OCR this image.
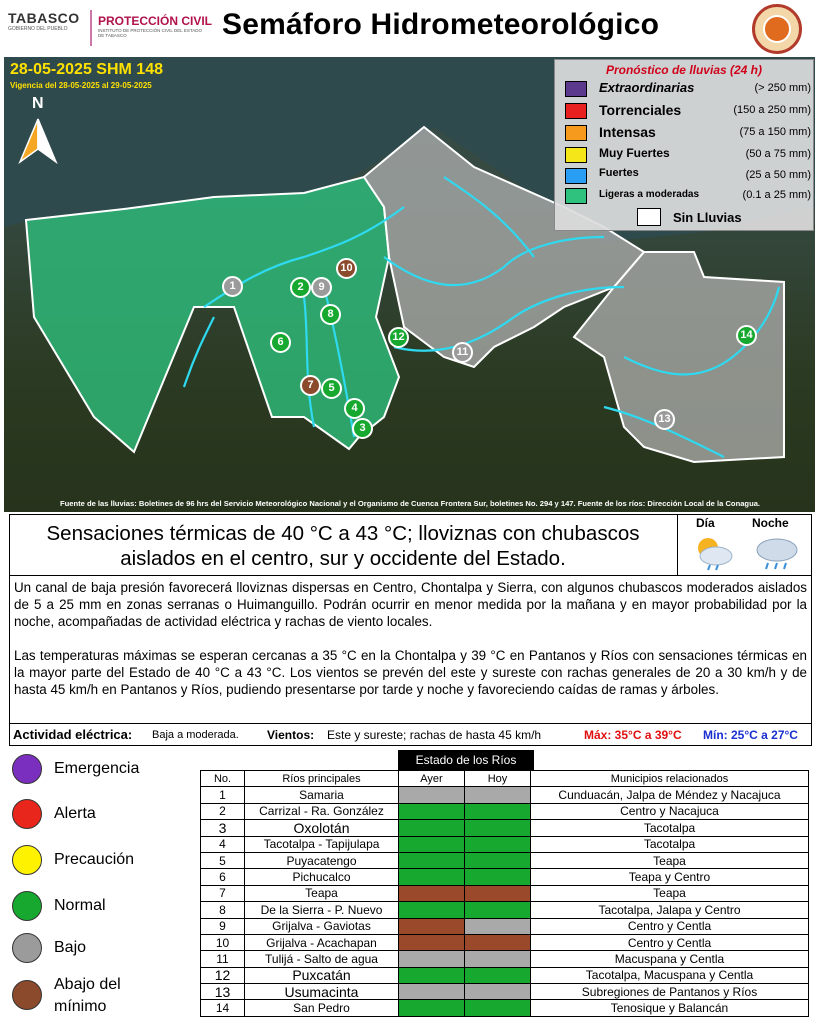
TABASCO
GOBIERNO DEL PUEBLO
PROTECCIÓN CIVIL
INSTITUTO DE PROTECCIÓN CIVIL DEL ESTADO DE TABASCO	Semáforo Hidrometeorológico
28-05-2025 SHM 148
Vigencia del 28-05-2025 al 29-05-2025
N
1	2
3
4
5
6
7
8
9
10
11
12
13
14
Pronóstico de lluvias (24 h)
Extraordinarias	(> 250 mm)
Torrenciales	(150 a 250 mm)
Intensas	(75 a 150 mm)
Muy Fuertes	(50 a 75 mm)
Fuertes	(25 a 50 mm)
Ligeras a moderadas	(0.1 a 25 mm)
Sin Lluvias
Fuente de las lluvias: Boletines de 96 hrs del Servicio Meteorológico Nacional y el Organismo de Cuenca Frontera Sur, boletines No. 294 y 147. Fuente de los ríos: Dirección Local de la Conagua.
Sensaciones térmicas de 40 °C a 43 °C; lloviznas con chubascos aislados en el centro, sur y occidente del Estado.
Día	Noche

Un canal de baja presión favorecerá lloviznas dispersas en Centro, Chontalpa y Sierra, con algunos chubascos moderados aislados de 5 a 25 mm en zonas serranas o Huimanguillo. Podrán ocurrir en menor medida por la mañana y en mayor probabilidad por la noche, acompañadas de actividad eléctrica y rachas de viento locales.

Las temperaturas máximas se esperan cercanas a 35 °C en la Chontalpa y 39 °C en Pantanos y Ríos con sensaciones térmicas en la mayor parte del Estado de 40 °C a 43 °C. Los vientos se prevén del este y sureste con rachas generales de 20 a 30 km/h y de hasta 45 km/h en Pantanos y Ríos, pudiendo presentarse por tarde y noche y favoreciendo caídas de ramas y árboles.

Actividad eléctrica: Baja a moderada. Vientos: Este y sureste; rachas de hasta 45 km/h	Máx: 35°C a 39°C Mín: 25°C a 27°C
Emergencia
Alerta
Precaución
Normal
Bajo
Abajo del mínimo
Estado de los Ríos
No.	Ríos principales	Ayer	Hoy	Municipios relacionados
1	Samaria			Cunduacán, Jalpa de Méndez y Nacajuca
2	Carrizal - Ra. González			Centro y Nacajuca
3	Oxolotán			Tacotalpa
4	Tacotalpa - Tapijulapa			Tacotalpa
5	Puyacatengo			Teapa
6	Pichucalco			Teapa y Centro
7	Teapa			Teapa
8	De la Sierra - P. Nuevo			Tacotalpa, Jalapa y Centro
9	Grijalva - Gaviotas			Centro y Centla
10	Grijalva - Acachapan			Centro y Centla
11	Tulijá - Salto de agua			Macuspana y Centla
12	Puxcatán			Tacotalpa, Macuspana y Centla
13	Usumacinta			Subregiones de Pantanos y Ríos
14	San Pedro			Tenosique y Balancán
